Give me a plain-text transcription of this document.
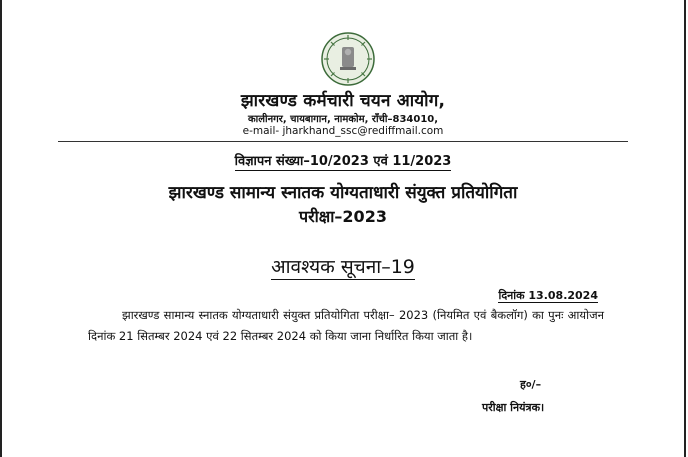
झारखण्ड कर्मचारी चयन आयोग,
कालीनगर, चायबागान, नामकोम, राँची–834010,
e-mail- jharkhand_ssc@rediffmail.com
विज्ञापन संख्या–10/2023 एवं 11/2023
झारखण्ड सामान्य स्नातक योग्यताधारी संयुक्त प्रतियोगिता
परीक्षा–2023
आवश्यक सूचना–19
दिनांक 13.08.2024

झारखण्ड सामान्य स्नातक योग्यताधारी संयुक्त प्रतियोगिता परीक्षा– 2023 (नियमित एवं बैकलॉग) का पुनः आयोजन दिनांक 21 सितम्बर 2024 एवं 22 सितम्बर 2024 को किया जाना निर्धारित किया जाता है।

ह०/–
परीक्षा नियंत्रक।
